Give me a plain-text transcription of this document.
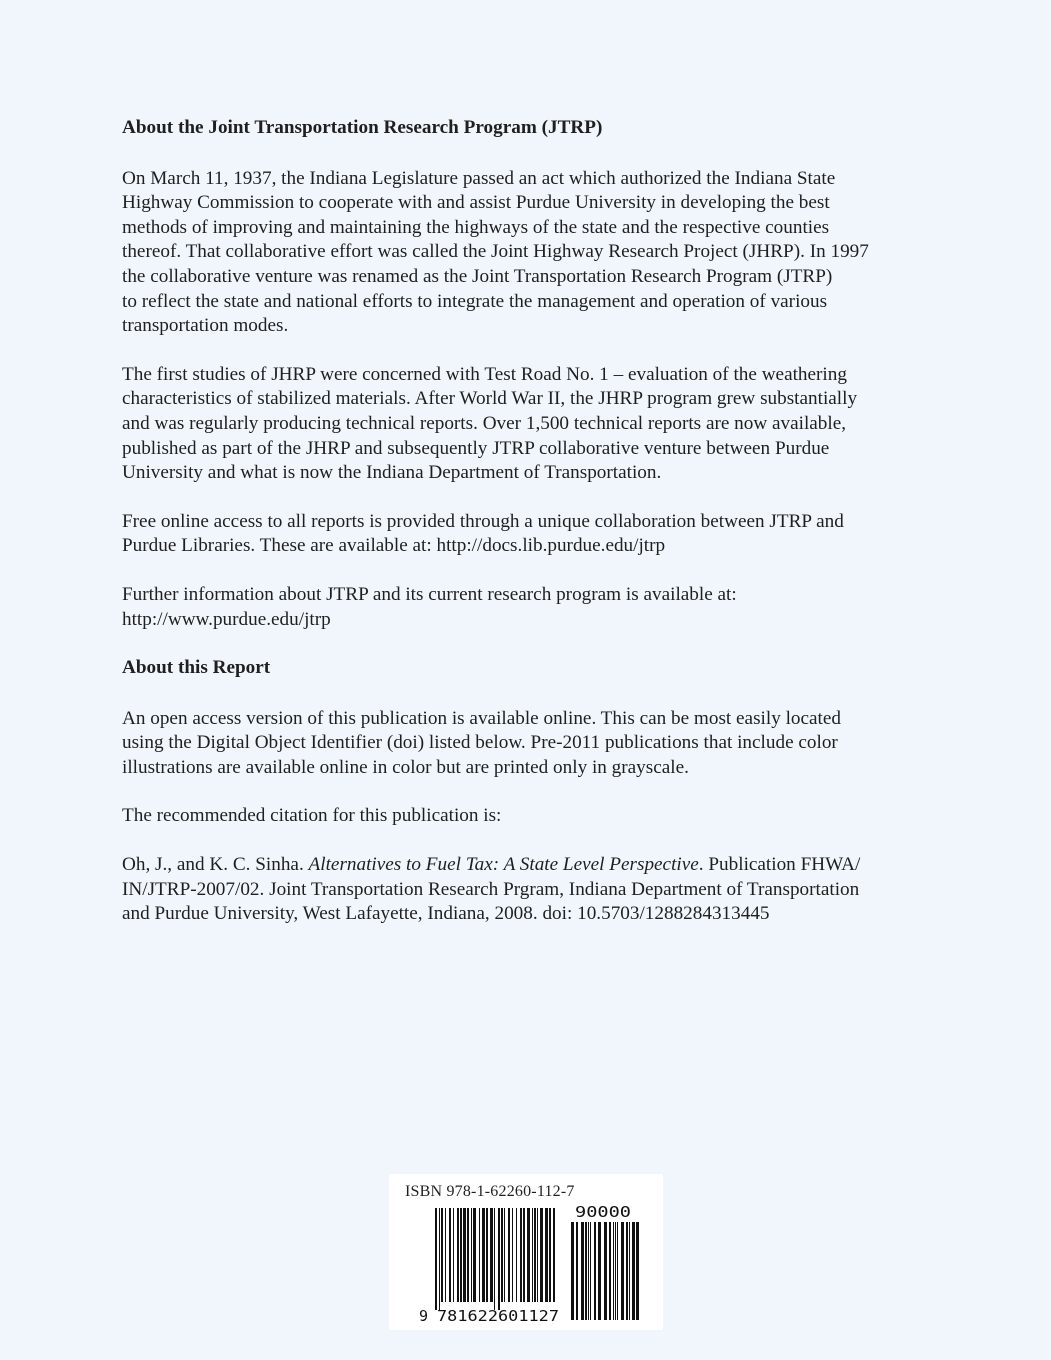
About the Joint Transportation Research Program (JTRP)

On March 11, 1937, the Indiana Legislature passed an act which authorized the Indiana State
Highway Commission to cooperate with and assist Purdue University in developing the best
methods of improving and maintaining the highways of the state and the respective counties
thereof. That collaborative effort was called the Joint Highway Research Project (JHRP). In 1997
the collaborative venture was renamed as the Joint Transportation Research Program (JTRP)
to reflect the state and national efforts to integrate the management and operation of various
transportation modes.

The first studies of JHRP were concerned with Test Road No. 1 – evaluation of the weathering
characteristics of stabilized materials. After World War II, the JHRP program grew substantially
and was regularly producing technical reports. Over 1,500 technical reports are now available,
published as part of the JHRP and subsequently JTRP collaborative venture between Purdue
University and what is now the Indiana Department of Transportation.

Free online access to all reports is provided through a unique collaboration between JTRP and
Purdue Libraries. These are available at: http://docs.lib.purdue.edu/jtrp

Further information about JTRP and its current research program is available at:
http://www.purdue.edu/jtrp

About this Report

An open access version of this publication is available online. This can be most easily located
using the Digital Object Identifier (doi) listed below. Pre-2011 publications that include color
illustrations are available online in color but are printed only in grayscale.

The recommended citation for this publication is:

Oh, J., and K. C. Sinha. Alternatives to Fuel Tax: A State Level Perspective. Publication FHWA/
IN/JTRP-2007/02. Joint Transportation Research Prgram, Indiana Department of Transportation
and Purdue University, West Lafayette, Indiana, 2008. doi: 10.5703/1288284313445

ISBN 978-1-62260-112-7
9 781622601127
90000
